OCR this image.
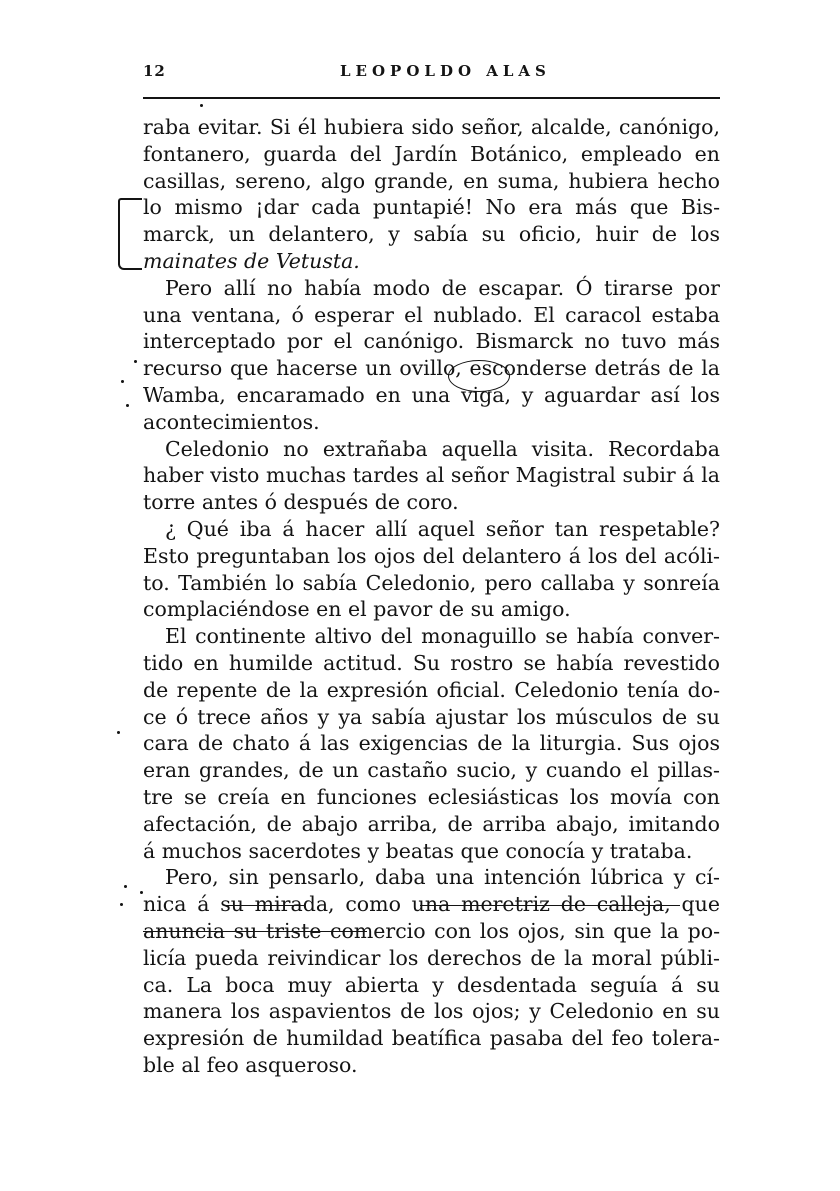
12	LEOPOLDO ALAS
raba evitar. Si él hubiera sido señor, alcalde, canónigo,
fontanero, guarda del Jardín Botánico, empleado en
casillas, sereno, algo grande, en suma, hubiera hecho
lo mismo ¡dar cada puntapié! No era más que Bis-
marck, un delantero, y sabía su oficio, huir de los
mainates de Vetusta.
Pero allí no había modo de escapar. Ó tirarse por
una ventana, ó esperar el nublado. El caracol estaba
interceptado por el canónigo. Bismarck no tuvo más
recurso que hacerse un ovillo, esconderse detrás de la
Wamba, encaramado en una viga, y aguardar así los
acontecimientos.
Celedonio no extrañaba aquella visita. Recordaba
haber visto muchas tardes al señor Magistral subir á la
torre antes ó después de coro.
¿ Qué iba á hacer allí aquel señor tan respetable?
Esto preguntaban los ojos del delantero á los del acóli-
to. También lo sabía Celedonio, pero callaba y sonreía
complaciéndose en el pavor de su amigo.
El continente altivo del monaguillo se había conver-
tido en humilde actitud. Su rostro se había revestido
de repente de la expresión oficial. Celedonio tenía do-
ce ó trece años y ya sabía ajustar los músculos de su
cara de chato á las exigencias de la liturgia. Sus ojos
eran grandes, de un castaño sucio, y cuando el pillas-
tre se creía en funciones eclesiásticas los movía con
afectación, de abajo arriba, de arriba abajo, imitando
á muchos sacerdotes y beatas que conocía y trataba.
Pero, sin pensarlo, daba una intención lúbrica y cí-
nica á su mirada, como una meretriz de calleja, que
anuncia su triste comercio con los ojos, sin que la po-
licía pueda reivindicar los derechos de la moral públi-
ca. La boca muy abierta y desdentada seguía á su
manera los aspavientos de los ojos; y Celedonio en su
expresión de humildad beatífica pasaba del feo tolera-
ble al feo asqueroso.
